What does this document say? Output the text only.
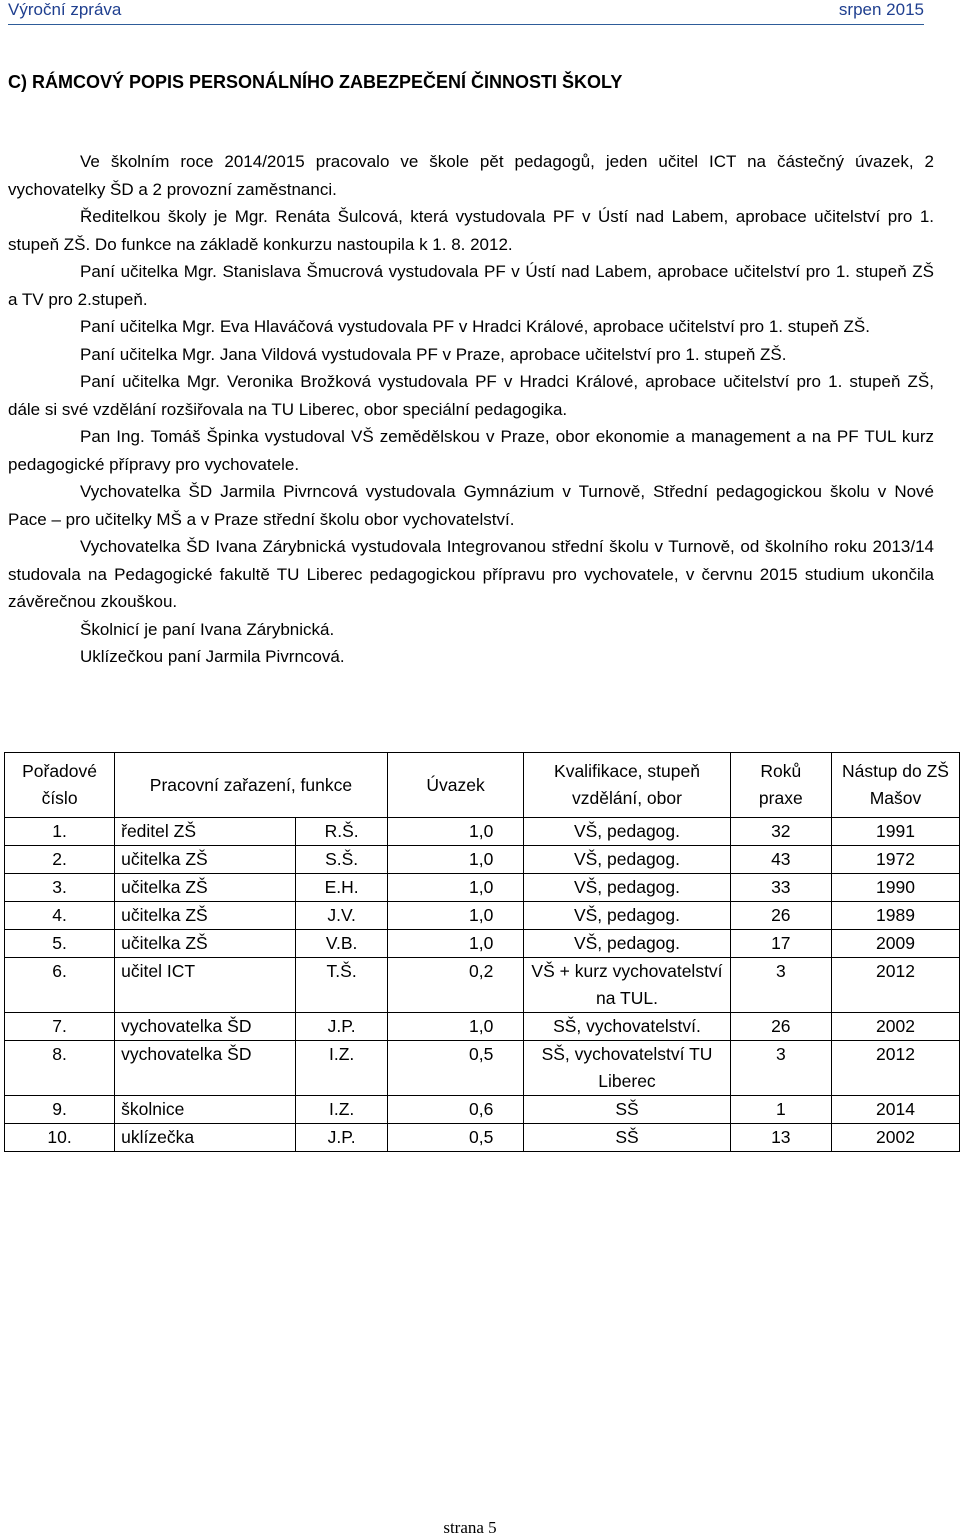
Výroční zpráva	srpen 2015
C) RÁMCOVÝ POPIS PERSONÁLNÍHO ZABEZPEČENÍ ČINNOSTI ŠKOLY

Ve školním roce 2014/2015 pracovalo ve škole pět pedagogů, jeden učitel ICT na částečný úvazek, 2 vychovatelky ŠD a 2 provozní zaměstnanci.

Ředitelkou školy je Mgr. Renáta Šulcová, která vystudovala PF v Ústí nad Labem, aprobace učitelství pro 1. stupeň ZŠ. Do funkce na základě konkurzu nastoupila k 1. 8. 2012.

Paní učitelka Mgr. Stanislava Šmucrová vystudovala PF v Ústí nad Labem, aprobace učitelství pro 1. stupeň ZŠ a TV pro 2.stupeň.

Paní učitelka Mgr. Eva Hlaváčová vystudovala PF v Hradci Králové, aprobace učitelství pro 1. stupeň ZŠ.

Paní učitelka Mgr. Jana Vildová vystudovala PF v Praze, aprobace učitelství pro 1. stupeň ZŠ.

Paní učitelka Mgr. Veronika Brožková vystudovala PF v Hradci Králové, aprobace učitelství pro 1. stupeň ZŠ, dále si své vzdělání rozšiřovala na TU Liberec, obor speciální pedagogika.

Pan Ing. Tomáš Špinka vystudoval VŠ zemědělskou v Praze, obor ekonomie a management a na PF TUL kurz pedagogické přípravy pro vychovatele.

Vychovatelka ŠD Jarmila Pivrncová vystudovala Gymnázium v Turnově, Střední pedagogickou školu v Nové Pace – pro učitelky MŠ a v Praze střední školu obor vychovatelství.

Vychovatelka ŠD Ivana Zárybnická vystudovala Integrovanou střední školu v Turnově, od školního roku 2013/14 studovala na Pedagogické fakultě TU Liberec pedagogickou přípravu pro vychovatele, v červnu 2015 studium ukončila závěrečnou zkouškou.

Školnicí je paní Ivana Zárybnická.

Uklízečkou paní Jarmila Pivrncová.

Pořadové číslo	Pracovní zařazení, funkce		Úvazek	Kvalifikace, stupeň vzdělání, obor	Roků praxe	Nástup do ZŠ Mašov
1.	ředitel ZŠ	R.Š.	1,0	VŠ, pedagog.	32	1991
2.	učitelka ZŠ	S.Š.	1,0	VŠ, pedagog.	43	1972
3.	učitelka ZŠ	E.H.	1,0	VŠ, pedagog.	33	1990
4.	učitelka ZŠ	J.V.	1,0	VŠ, pedagog.	26	1989
5.	učitelka ZŠ	V.B.	1,0	VŠ, pedagog.	17	2009
6.	učitel ICT	T.Š.	0,2	VŠ + kurz vychovatelství na TUL.	3	2012
7.	vychovatelka ŠD	J.P.	1,0	SŠ, vychovatelství.	26	2002
8.	vychovatelka ŠD	I.Z.	0,5	SŠ, vychovatelství TU Liberec	3	2012
9.	školnice	I.Z.	0,6	SŠ	1	2014
10.	uklízečka	J.P.	0,5	SŠ	13	2002
strana 5
